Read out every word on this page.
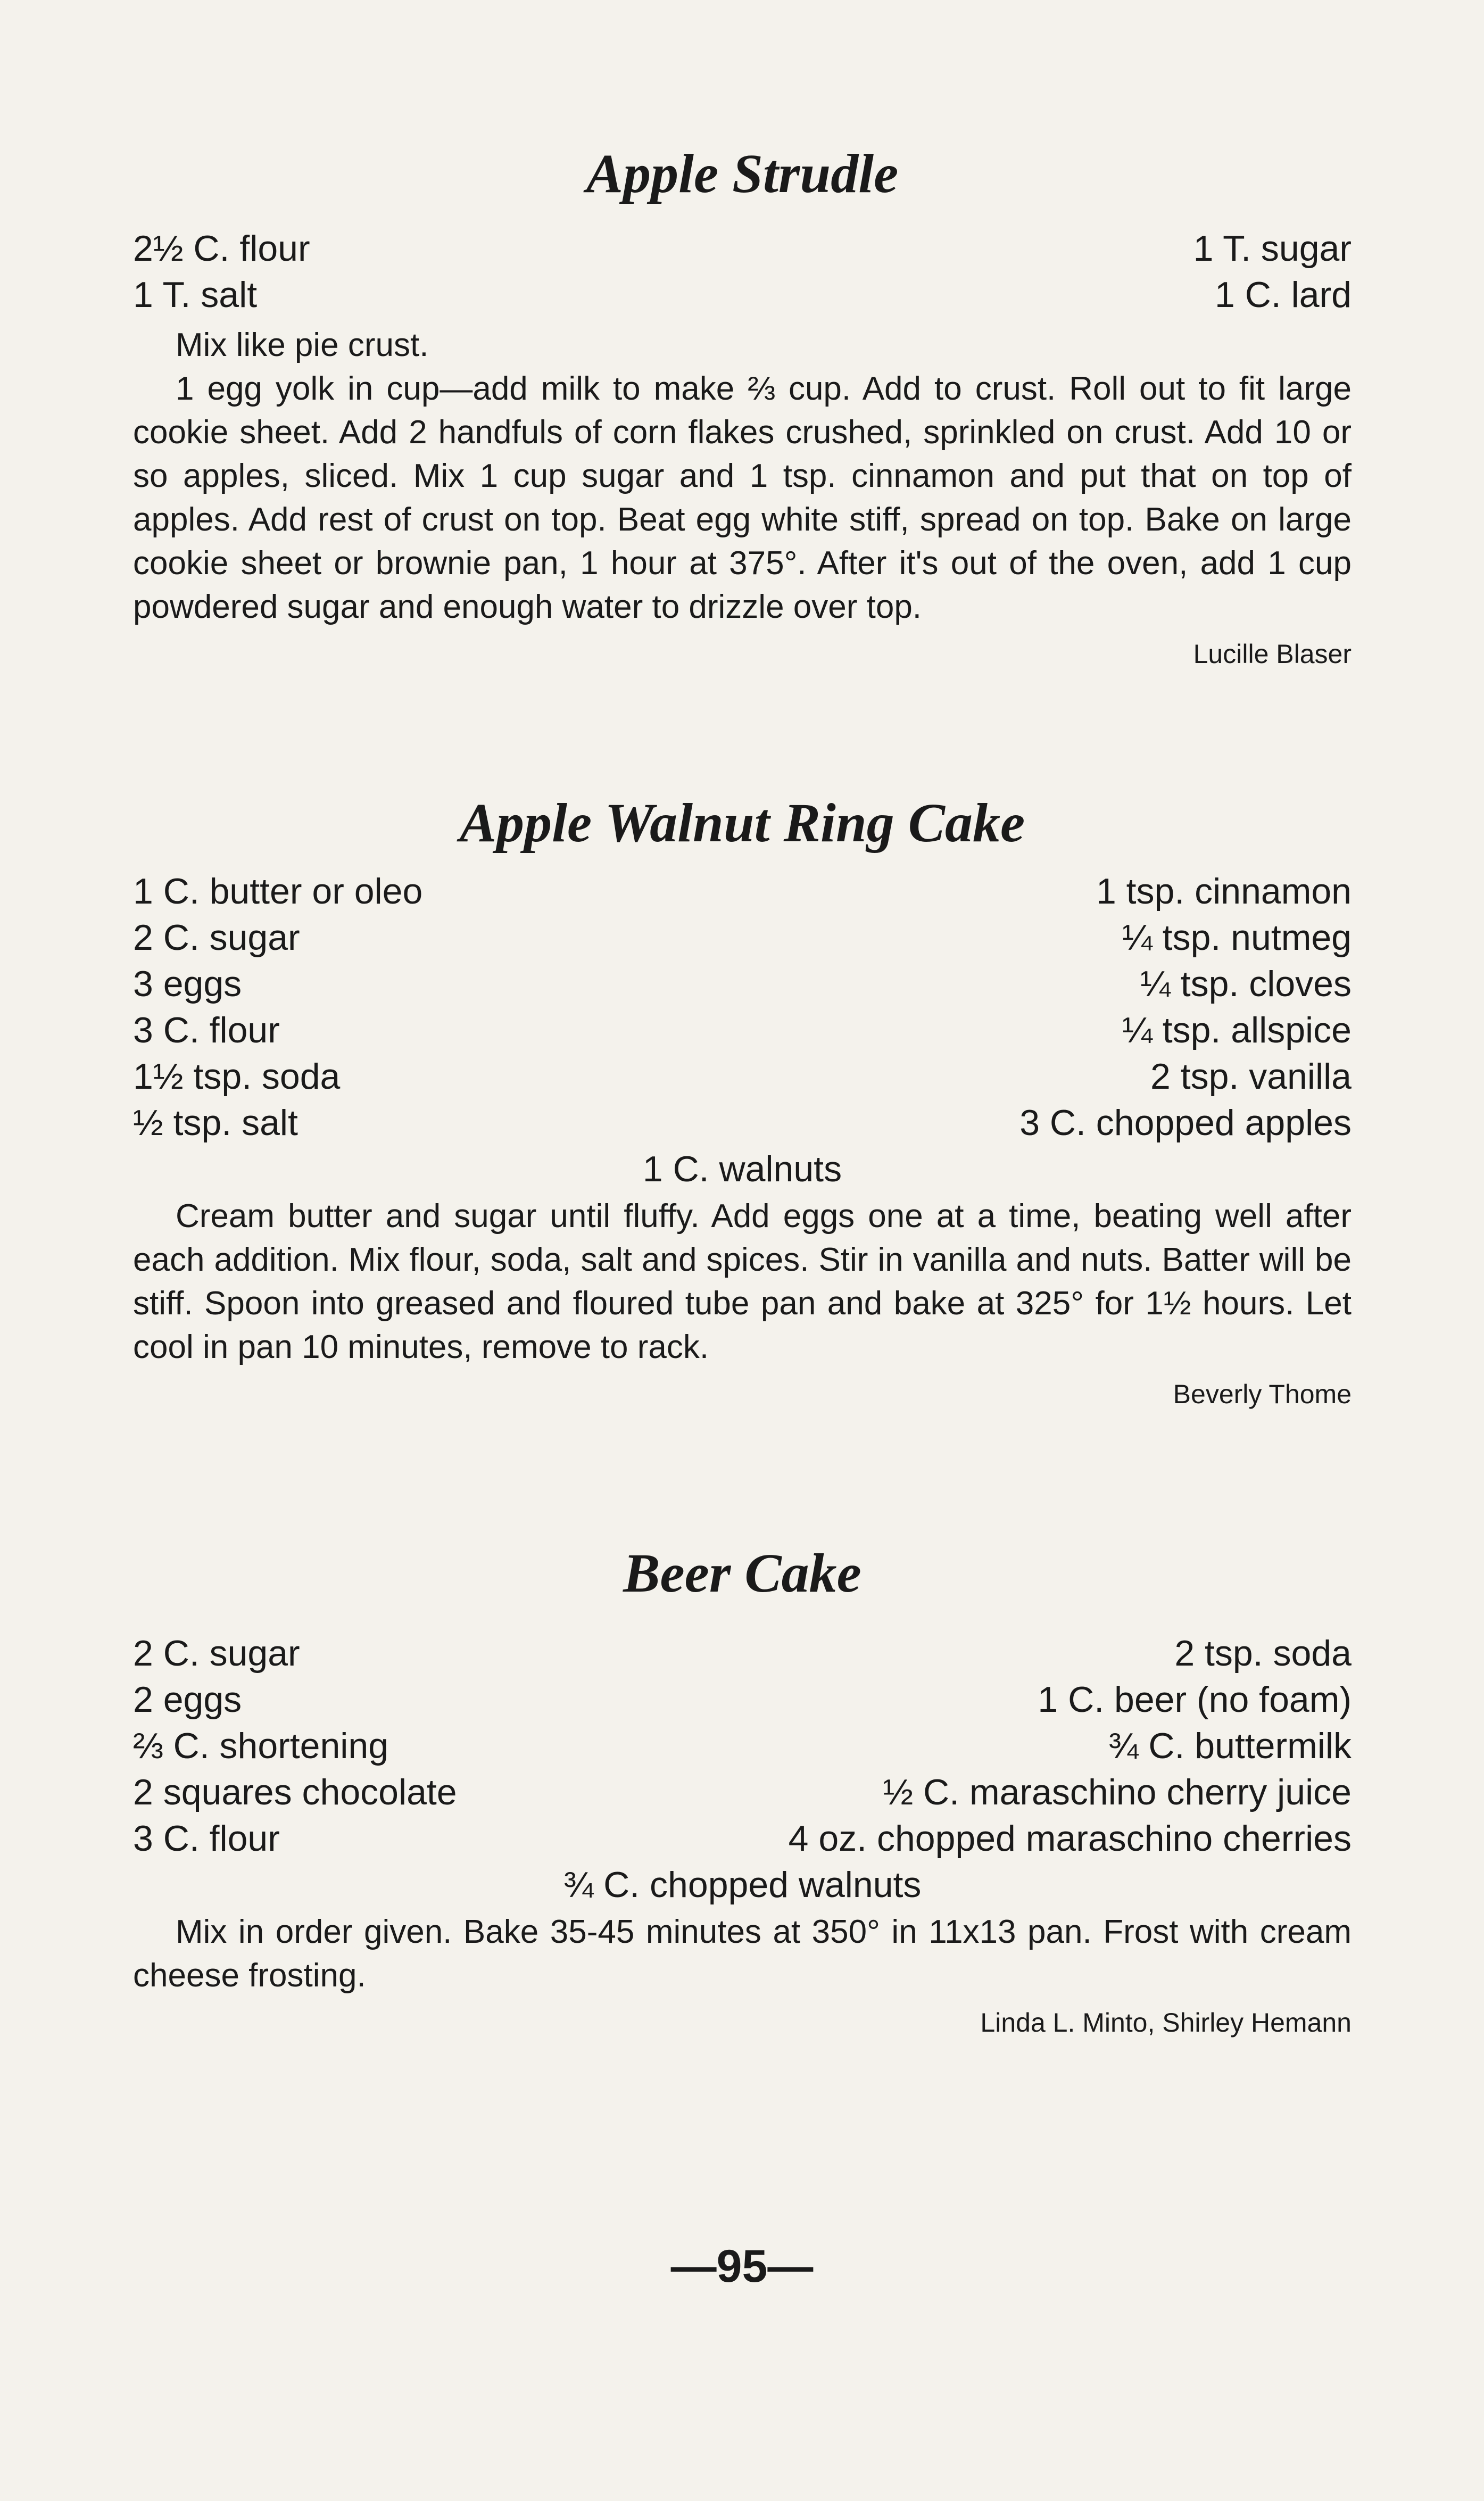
Apple Strudle
2½ C. flour	1 T. sugar
1 T. salt	1 C. lard

Mix like pie crust.

1 egg yolk in cup—add milk to make ⅔ cup. Add to crust. Roll out to fit large cookie sheet. Add 2 handfuls of corn flakes crushed, sprinkled on crust. Add 10 or so apples, sliced. Mix 1 cup sugar and 1 tsp. cinnamon and put that on top of apples. Add rest of crust on top. Beat egg white stiff, spread on top. Bake on large cookie sheet or brownie pan, 1 hour at 375°. After it's out of the oven, add 1 cup powdered sugar and enough water to drizzle over top.

Lucille Blaser
Apple Walnut Ring Cake
1 C. butter or oleo	1 tsp. cinnamon
2 C. sugar	¼ tsp. nutmeg
3 eggs	¼ tsp. cloves
3 C. flour	¼ tsp. allspice
1½ tsp. soda	2 tsp. vanilla
½ tsp. salt	3 C. chopped apples
1 C. walnuts

Cream butter and sugar until fluffy. Add eggs one at a time, beating well after each addition. Mix flour, soda, salt and spices. Stir in vanilla and nuts. Batter will be stiff. Spoon into greased and floured tube pan and bake at 325° for 1½ hours. Let cool in pan 10 minutes, remove to rack.

Beverly Thome
Beer Cake
2 C. sugar	2 tsp. soda
2 eggs	1 C. beer (no foam)
⅔ C. shortening	¾ C. buttermilk
2 squares chocolate	½ C. maraschino cherry juice
3 C. flour	4 oz. chopped maraschino cherries
¾ C. chopped walnuts

Mix in order given. Bake 35-45 minutes at 350° in 11x13 pan. Frost with cream cheese frosting.

Linda L. Minto, Shirley Hemann
—95—
